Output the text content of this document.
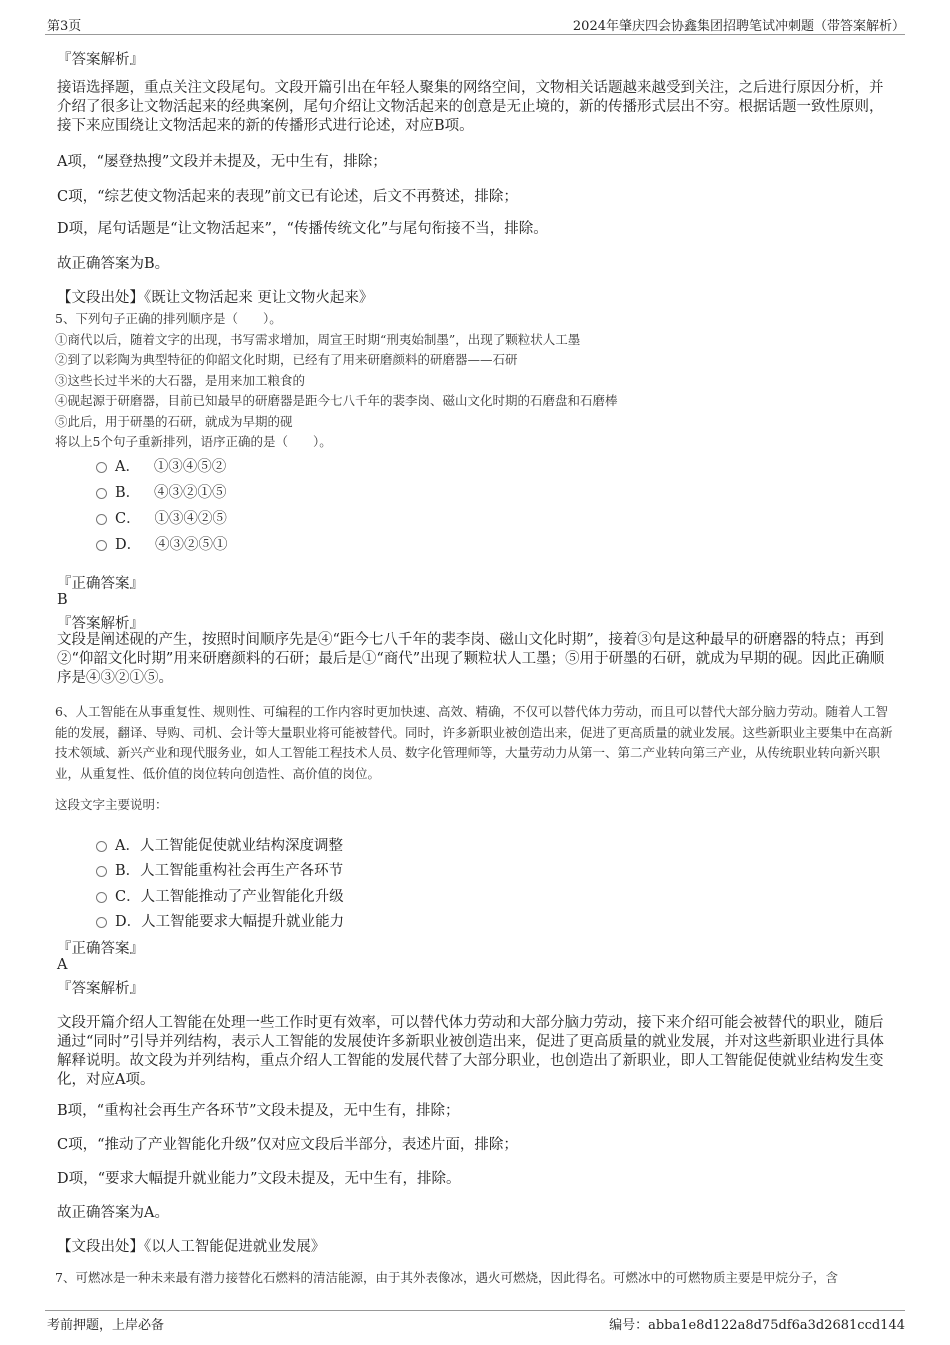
第3页	2024年肇庆四会协鑫集团招聘笔试冲刺题（带答案解析）
『答案解析』
接语选择题，重点关注文段尾句。文段开篇引出在年轻人聚集的网络空间，文物相关话题越来越受到关注，之后进行原因分析，并介绍了很多让文物活起来的经典案例，尾句介绍让文物活起来的创意是无止境的，新的传播形式层出不穷。根据话题一致性原则，接下来应围绕让文物活起来的新的传播形式进行论述，对应B项。
A项，“屡登热搜”文段并未提及，无中生有，排除；
C项，“综艺使文物活起来的表现”前文已有论述，后文不再赘述，排除；
D项，尾句话题是“让文物活起来”，“传播传统文化”与尾句衔接不当，排除。
故正确答案为B。
【文段出处】《既让文物活起来 更让文物火起来》

5、下列句子正确的排列顺序是（　　）。

①商代以后，随着文字的出现，书写需求增加，周宣王时期“刑夷始制墨”，出现了颗粒状人工墨

②到了以彩陶为典型特征的仰韶文化时期，已经有了用来研磨颜料的研磨器——石研

③这些长过半米的大石器，是用来加工粮食的

④砚起源于研磨器，目前已知最早的研磨器是距今七八千年的裴李岗、磁山文化时期的石磨盘和石磨棒

⑤此后，用于研墨的石研，就成为早期的砚

将以上5个句子重新排列，语序正确的是（　　）。

A． ①③④⑤②
B． ④③②①⑤
C． ①③④②⑤
D． ④③②⑤①
『正确答案』
B
『答案解析』
文段是阐述砚的产生，按照时间顺序先是④“距今七八千年的裴李岗、磁山文化时期”，接着③句是这种最早的研磨器的特点；再到②“仰韶文化时期”用来研磨颜料的石研；最后是①“商代”出现了颗粒状人工墨；⑤用于研墨的石研，就成为早期的砚。因此正确顺序是④③②①⑤。
6、人工智能在从事重复性、规则性、可编程的工作内容时更加快速、高效、精确，不仅可以替代体力劳动，而且可以替代大部分脑力劳动。随着人工智能的发展，翻译、导购、司机、会计等大量职业将可能被替代。同时，许多新职业被创造出来，促进了更高质量的就业发展。这些新职业主要集中在高新技术领域、新兴产业和现代服务业，如人工智能工程技术人员、数字化管理师等，大量劳动力从第一、第二产业转向第三产业，从传统职业转向新兴职业，从重复性、低价值的岗位转向创造性、高价值的岗位。
这段文字主要说明：
A．人工智能促使就业结构深度调整
B．人工智能重构社会再生产各环节
C．人工智能推动了产业智能化升级
D．人工智能要求大幅提升就业能力
『正确答案』
A
『答案解析』
文段开篇介绍人工智能在处理一些工作时更有效率，可以替代体力劳动和大部分脑力劳动，接下来介绍可能会被替代的职业，随后通过“同时”引导并列结构，表示人工智能的发展使许多新职业被创造出来，促进了更高质量的就业发展，并对这些新职业进行具体解释说明。故文段为并列结构，重点介绍人工智能的发展代替了大部分职业，也创造出了新职业，即人工智能促使就业结构发生变化，对应A项。
B项，“重构社会再生产各环节”文段未提及，无中生有，排除；
C项，“推动了产业智能化升级”仅对应文段后半部分，表述片面，排除；
D项，“要求大幅提升就业能力”文段未提及，无中生有，排除。
故正确答案为A。
【文段出处】《以人工智能促进就业发展》
7、可燃冰是一种未来最有潜力接替化石燃料的清洁能源，由于其外表像冰，遇火可燃烧，因此得名。可燃冰中的可燃物质主要是甲烷分子，含
考前押题，上岸必备	编号：abba1e8d122a8d75df6a3d2681ccd144
